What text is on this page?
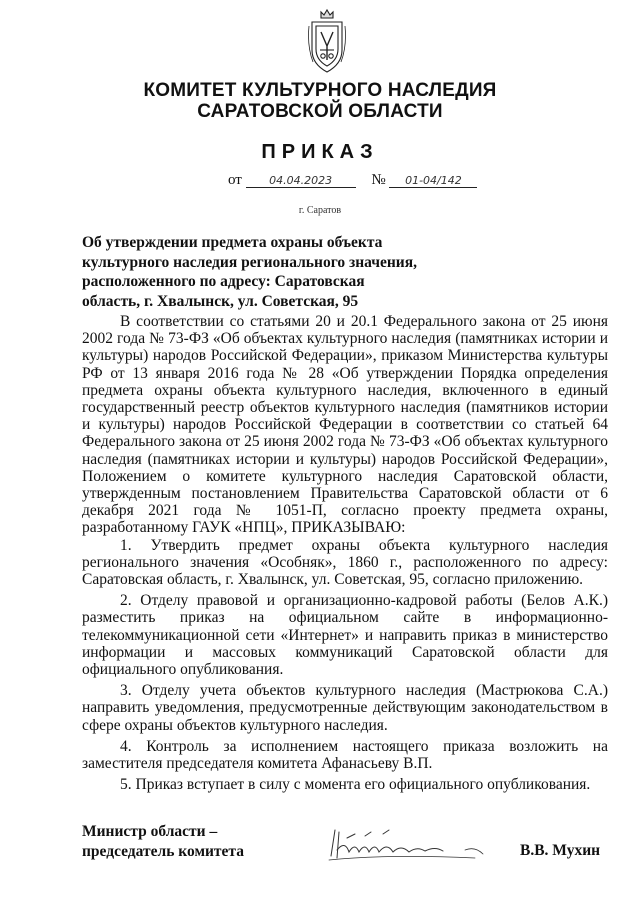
КОМИТЕТ КУЛЬТУРНОГО НАСЛЕДИЯ
САРАТОВСКОЙ ОБЛАСТИ
ПРИКАЗ
от 04.04.2023	№ 01-04/142
г. Саратов
Об утверждении предмета охраны объекта
культурного наследия регионального значения,
расположенного по адресу: Саратовская
область, г. Хвалынск, ул. Советская, 95

В соответствии со статьями 20 и 20.1 Федерального закона от 25 июня 2002 года № 73-ФЗ «Об объектах культурного наследия (памятниках истории и культуры) народов Российской Федерации», приказом Министерства культуры РФ от 13 января 2016 года № 28 «Об утверждении Порядка определения предмета охраны объекта культурного наследия, включенного в единый государственный реестр объектов культурного наследия (памятников истории и культуры) народов Российской Федерации в соответствии со статьей 64 Федерального закона от 25 июня 2002 года № 73-ФЗ «Об объектах культурного наследия (памятниках истории и культуры) народов Российской Федерации», Положением о комитете культурного наследия Саратовской области, утвержденным постановлением Правительства Саратовской области от 6 декабря 2021 года № 1051-П, согласно проекту предмета охраны, разработанному ГАУК «НПЦ», ПРИКАЗЫВАЮ:

1. Утвердить предмет охраны объекта культурного наследия регионального значения «Особняк», 1860 г., расположенного по адресу: Саратовская область, г. Хвалынск, ул. Советская, 95, согласно приложению.

2. Отделу правовой и организационно-кадровой работы (Белов А.К.) разместить приказ на официальном сайте в информационно-телекоммуникационной сети «Интернет» и направить приказ в министерство информации и массовых коммуникаций Саратовской области для официального опубликования.

3. Отделу учета объектов культурного наследия (Мастрюкова С.А.) направить уведомления, предусмотренные действующим законодательством в сфере охраны объектов культурного наследия.

4. Контроль за исполнением настоящего приказа возложить на заместителя председателя комитета Афанасьеву В.П.

5. Приказ вступает в силу с момента его официального опубликования.

Министр области –
председатель комитета	В.В. Мухин
